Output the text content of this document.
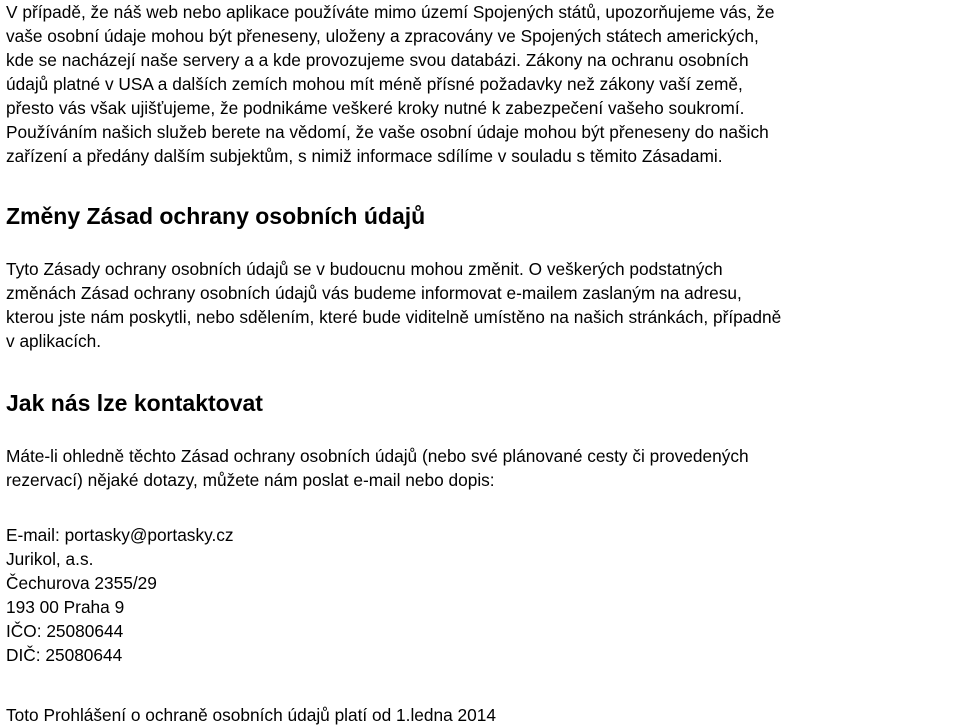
V případě, že náš web nebo aplikace používáte mimo území Spojených států, upozorňujeme vás, že
vaše osobní údaje mohou být přeneseny, uloženy a zpracovány ve Spojených státech amerických,
kde se nacházejí naše servery a a kde provozujeme svou databázi. Zákony na ochranu osobních
údajů platné v USA a dalších zemích mohou mít méně přísné požadavky než zákony vaší země,
přesto vás však ujišťujeme, že podnikáme veškeré kroky nutné k zabezpečení vašeho soukromí.
Používáním našich služeb berete na vědomí, že vaše osobní údaje mohou být přeneseny do našich
zařízení a předány dalším subjektům, s nimiž informace sdílíme v souladu s těmito Zásadami.
Změny Zásad ochrany osobních údajů
Tyto Zásady ochrany osobních údajů se v budoucnu mohou změnit. O veškerých podstatných
změnách Zásad ochrany osobních údajů vás budeme informovat e-mailem zaslaným na adresu,
kterou jste nám poskytli, nebo sdělením, které bude viditelně umístěno na našich stránkách, případně
v aplikacích.
Jak nás lze kontaktovat
Máte-li ohledně těchto Zásad ochrany osobních údajů (nebo své plánované cesty či provedených
rezervací) nějaké dotazy, můžete nám poslat e-mail nebo dopis:
E-mail: portasky@portasky.cz
Jurikol, a.s.
Čechurova 2355/29
193 00 Praha 9
IČO: 25080644
DIČ: 25080644
Toto Prohlášení o ochraně osobních údajů platí od 1.ledna 2014
